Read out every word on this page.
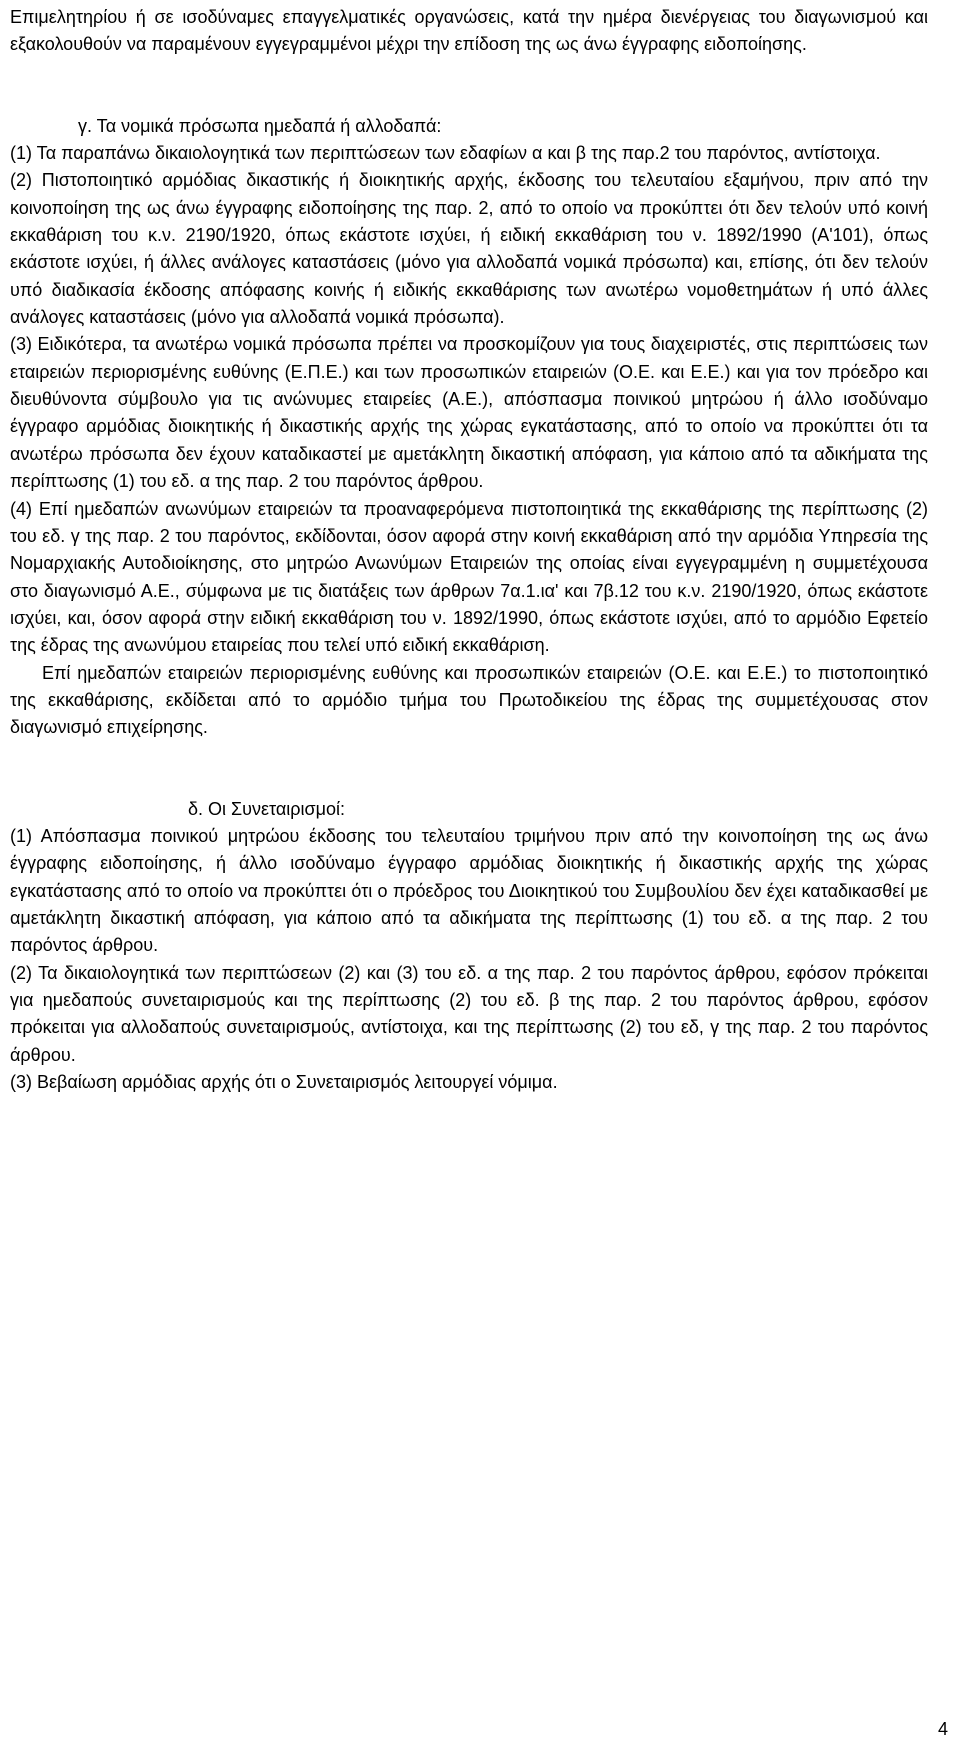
Επιμελητηρίου ή σε ισοδύναμες επαγγελματικές οργανώσεις, κατά την ημέρα διενέργειας του διαγωνισμού και εξακολουθούν να παραμένουν εγγεγραμμένοι μέχρι την επίδοση της ως άνω έγγραφης ειδοποίησης.

γ. Τα νομικά πρόσωπα ημεδαπά ή αλλοδαπά:

(1) Τα παραπάνω δικαιολογητικά των περιπτώσεων των εδαφίων α και β της παρ.2 του παρόντος, αντίστοιχα.

(2) Πιστοποιητικό αρμόδιας δικαστικής ή διοικητικής αρχής, έκδοσης του τελευταίου εξαμήνου, πριν από την κοινοποίηση της ως άνω έγγραφης ειδοποίησης της παρ. 2, από το οποίο να προκύπτει ότι δεν τελούν υπό κοινή εκκαθάριση του κ.ν. 2190/1920, όπως εκάστοτε ισχύει, ή ειδική εκκαθάριση του ν. 1892/1990 (Α'101), όπως εκάστοτε ισχύει, ή άλλες ανάλογες καταστάσεις (μόνο για αλλοδαπά νομικά πρόσωπα) και, επίσης, ότι δεν τελούν υπό διαδικασία έκδοσης απόφασης κοινής ή ειδικής εκκαθάρισης των ανωτέρω νομοθετημάτων ή υπό άλλες ανάλογες καταστάσεις (μόνο για αλλοδαπά νομικά πρόσωπα).

(3) Ειδικότερα, τα ανωτέρω νομικά πρόσωπα πρέπει να προσκομίζουν για τους διαχειριστές, στις περιπτώσεις των εταιρειών περιορισμένης ευθύνης (Ε.Π.Ε.) και των προσωπικών εταιρειών (Ο.Ε. και Ε.Ε.) και για τον πρόεδρο και διευθύνοντα σύμβουλο για τις ανώνυμες εταιρείες (Α.Ε.), απόσπασμα ποινικού μητρώου ή άλλο ισοδύναμο έγγραφο αρμόδιας διοικητικής ή δικαστικής αρχής της χώρας εγκατάστασης, από το οποίο να προκύπτει ότι τα ανωτέρω πρόσωπα δεν έχουν καταδικαστεί με αμετάκλητη δικαστική απόφαση, για κάποιο από τα αδικήματα της περίπτωσης (1) του εδ. α της παρ. 2 του παρόντος άρθρου.

(4) Επί ημεδαπών ανωνύμων εταιρειών τα προαναφερόμενα πιστοποιητικά της εκκαθάρισης της περίπτωσης (2) του εδ. γ της παρ. 2 του παρόντος, εκδίδονται, όσον αφορά στην κοινή εκκαθάριση από την αρμόδια Υπηρεσία της Νομαρχιακής Αυτοδιοίκησης, στο μητρώο Ανωνύμων Εταιρειών της οποίας είναι εγγεγραμμένη η συμμετέχουσα στο διαγωνισμό Α.Ε., σύμφωνα με τις διατάξεις των άρθρων 7α.1.ια' και 7β.12 του κ.ν. 2190/1920, όπως εκάστοτε ισχύει, και, όσον αφορά στην ειδική εκκαθάριση του ν. 1892/1990, όπως εκάστοτε ισχύει, από το αρμόδιο Εφετείο της έδρας της ανωνύμου εταιρείας που τελεί υπό ειδική εκκαθάριση.

Επί ημεδαπών εταιρειών περιορισμένης ευθύνης και προσωπικών εταιρειών (Ο.Ε. και Ε.Ε.) το πιστοποιητικό της εκκαθάρισης, εκδίδεται από το αρμόδιο τμήμα του Πρωτοδικείου της έδρας της συμμετέχουσας στον διαγωνισμό επιχείρησης.

δ. Οι Συνεταιρισμοί:

(1) Απόσπασμα ποινικού μητρώου έκδοσης του τελευταίου τριμήνου πριν από την κοινοποίηση της ως άνω έγγραφης ειδοποίησης, ή άλλο ισοδύναμο έγγραφο αρμόδιας διοικητικής ή δικαστικής αρχής της χώρας εγκατάστασης από το οποίο να προκύπτει ότι ο πρόεδρος του Διοικητικού του Συμβουλίου δεν έχει καταδικασθεί με αμετάκλητη δικαστική απόφαση, για κάποιο από τα αδικήματα της περίπτωσης (1) του εδ. α της παρ. 2 του παρόντος άρθρου.

(2) Τα δικαιολογητικά των περιπτώσεων (2) και (3) του εδ. α της παρ. 2 του παρόντος άρθρου, εφόσον πρόκειται για ημεδαπούς συνεταιρισμούς και της περίπτωσης (2) του εδ. β της παρ. 2 του παρόντος άρθρου, εφόσον πρόκειται για αλλοδαπούς συνεταιρισμούς, αντίστοιχα, και της περίπτωσης (2) του εδ, γ της παρ. 2 του παρόντος άρθρου.

(3) Βεβαίωση αρμόδιας αρχής ότι ο Συνεταιρισμός λειτουργεί νόμιμα.

4
